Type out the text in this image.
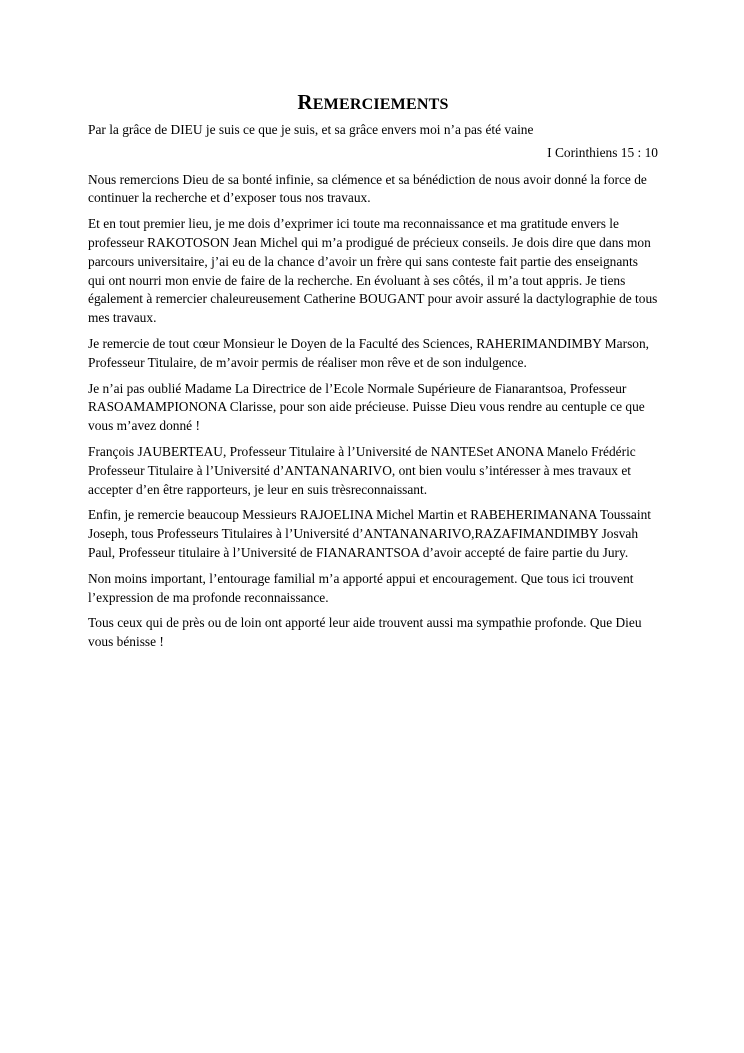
REMERCIEMENTS

Par la grâce de DIEU je suis ce que je suis, et sa grâce envers moi n’a pas été vaine

I Corinthiens 15 : 10

Nous remercions Dieu de sa bonté infinie, sa clémence et sa bénédiction de nous avoir donné la force de continuer la recherche et d’exposer tous nos travaux.

Et en tout premier lieu, je me dois d’exprimer ici toute ma reconnaissance et ma gratitude envers le professeur RAKOTOSON Jean Michel qui m’a prodigué de précieux conseils. Je dois dire que dans mon parcours universitaire, j’ai eu de la chance d’avoir un frère qui sans conteste fait partie des enseignants qui ont nourri mon envie de faire de la recherche. En évoluant à ses côtés, il m’a tout appris. Je tiens également à remercier chaleureusement Catherine BOUGANT pour avoir assuré la dactylographie de tous mes travaux.

Je remercie de tout cœur Monsieur le Doyen de la Faculté des Sciences, RAHERIMANDIMBY Marson, Professeur Titulaire, de m’avoir permis de réaliser mon rêve et de son indulgence.

Je n’ai pas oublié Madame La Directrice de l’Ecole Normale Supérieure de Fianarantsoa, Professeur RASOAMAMPIONONA Clarisse, pour son aide précieuse. Puisse Dieu vous rendre au centuple ce que vous m’avez donné !

François JAUBERTEAU, Professeur Titulaire à l’Université de NANTESet ANONA Manelo Frédéric Professeur Titulaire à l’Université d’ANTANANARIVO, ont bien voulu s’intéresser à mes travaux et accepter d’en être rapporteurs, je leur en suis trèsreconnaissant.

Enfin, je remercie beaucoup Messieurs RAJOELINA Michel Martin et RABEHERIMANANA Toussaint Joseph, tous Professeurs Titulaires à l’Université d’ANTANANARIVO,RAZAFIMANDIMBY Josvah Paul, Professeur titulaire à l’Université de FIANARANTSOA d’avoir accepté de faire partie du Jury.

Non moins important, l’entourage familial m’a apporté appui et encouragement. Que tous ici trouvent l’expression de ma profonde reconnaissance.

Tous ceux qui de près ou de loin ont apporté leur aide trouvent aussi ma sympathie profonde. Que Dieu vous bénisse !
